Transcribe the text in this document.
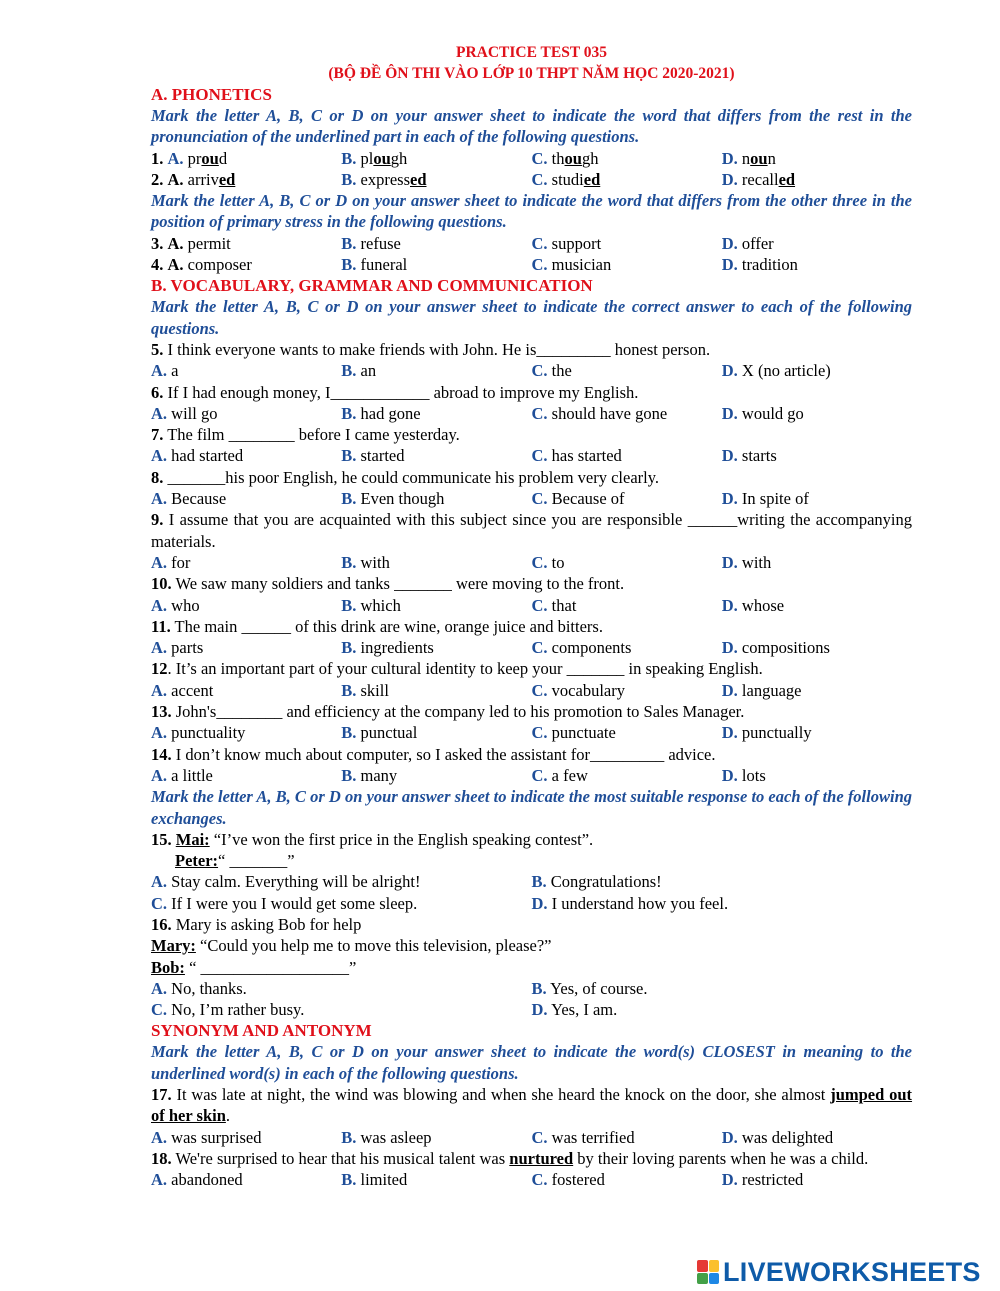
PRACTICE TEST 035
(BỘ ĐỀ ÔN THI VÀO LỚP 10 THPT NĂM HỌC 2020-2021)
A. PHONETICS
Mark the letter A, B, C or D on your answer sheet to indicate the word that differs from the rest in the pronunciation of the underlined part in each of the following questions.
1. A. proud	B. plough	C. though	D. noun
2. A. arrived	B. expressed	C. studied	D. recalled
Mark the letter A, B, C or D on your answer sheet to indicate the word that differs from the other three in the position of primary stress in the following questions.
3. A. permit	B. refuse	C. support	D. offer
4. A. composer	B. funeral	C. musician	D. tradition
B. VOCABULARY, GRAMMAR AND COMMUNICATION
Mark the letter A, B, C or D on your answer sheet to indicate the correct answer to each of the following questions.
5. I think everyone wants to make friends with John. He is_________ honest person.
A. a	B. an	C. the	D. X (no article)
6. If I had enough money, I____________ abroad to improve my English.
A. will go	B. had gone	C. should have gone	D. would go
7. The film ________ before I came yesterday.
A. had started	B. started	C. has started	D. starts
8. _______his poor English, he could communicate his problem very clearly.
A. Because	B. Even though	C. Because of	D. In spite of
9. I assume that you are acquainted with this subject since you are responsible ______writing the accompanying materials.
A. for	B. with	C. to	D. with
10. We saw many soldiers and tanks _______ were moving to the front.
A. who	B. which	C. that	D. whose
11. The main ______ of this drink are wine, orange juice and bitters.
A. parts	B. ingredients	C. components	D. compositions
12. It’s an important part of your cultural identity to keep your _______ in speaking English.
A. accent	B. skill	C. vocabulary	D. language
13. John's________ and efficiency at the company led to his promotion to Sales Manager.
A. punctuality	B. punctual	C. punctuate	D. punctually
14. I don’t know much about computer, so I asked the assistant for_________ advice.
A. a little	B. many	C. a few	D. lots
Mark the letter A, B, C or D on your answer sheet to indicate the most suitable response to each of the following exchanges.
15. Mai: “I’ve won the first price in the English speaking contest”.
Peter:“ _______”
A. Stay calm. Everything will be alright!	B. Congratulations!
C. If I were you I would get some sleep.	D. I understand how you feel.
16. Mary is asking Bob for help
Mary: “Could you help me to move this television, please?”
Bob: “ __________________”
A. No, thanks.	B. Yes, of course.
C. No, I’m rather busy.	D. Yes, I am.
SYNONYM AND ANTONYM
Mark the letter A, B, C or D on your answer sheet to indicate the word(s) CLOSEST in meaning to the underlined word(s) in each of the following questions.
17. It was late at night, the wind was blowing and when she heard the knock on the door, she almost jumped out of her skin.
A. was surprised	B. was asleep	C. was terrified	D. was delighted
18. We're surprised to hear that his musical talent was nurtured by their loving parents when he was a child.
A. abandoned	B. limited	C. fostered	D. restricted
LIVEWORKSHEETS
